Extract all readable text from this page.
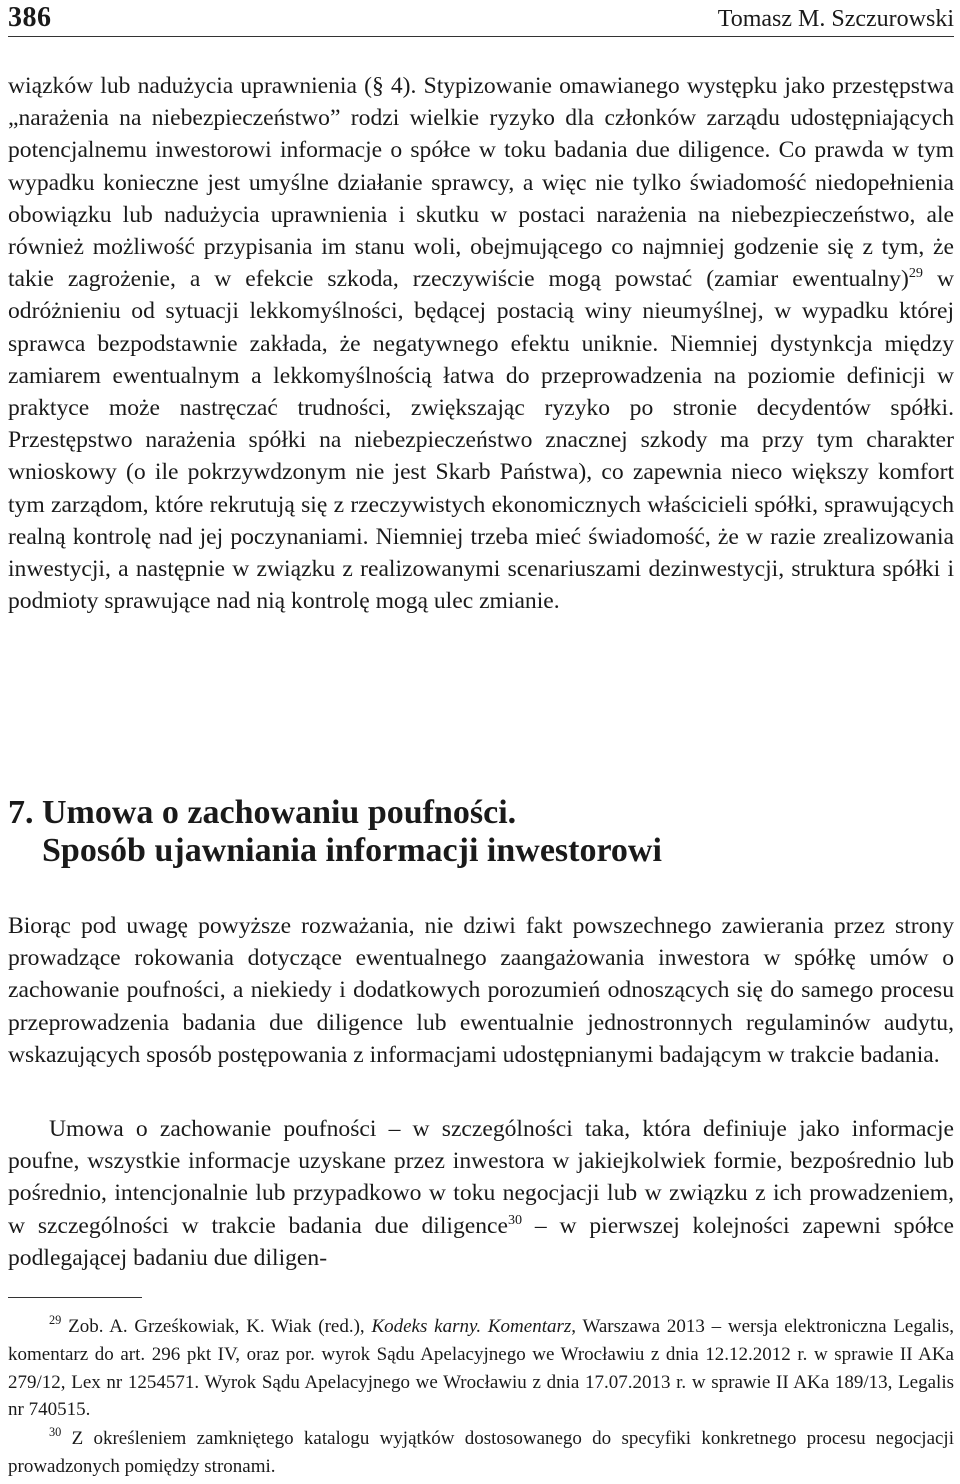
386	Tomasz M. Szczurowski

wiązków lub nadużycia uprawnienia (§ 4). Stypizowanie omawianego występku jako przestępstwa „narażenia na niebezpieczeństwo” rodzi wielkie ryzyko dla członków zarządu udostępniających potencjalnemu inwestorowi informacje o spółce w toku badania due diligence. Co prawda w tym wypadku konieczne jest umyślne działanie sprawcy, a więc nie tylko świadomość niedopełnienia obowiązku lub nadużycia uprawnienia i skutku w postaci narażenia na niebezpieczeństwo, ale również możliwość przypisania im stanu woli, obejmującego co najmniej godzenie się z tym, że takie zagrożenie, a w efekcie szkoda, rzeczywiście mogą powstać (zamiar ewentualny)$^{29}$ w odróżnieniu od sytuacji lekkomyślności, będącej postacią winy nieumyślnej, w wypadku której sprawca bezpodstawnie zakłada, że negatywnego efektu uniknie. Niemniej dystynkcja między zamiarem ewentualnym a lekkomyślnością łatwa do przeprowadzenia na poziomie definicji w praktyce może nastręczać trudności, zwiększając ryzyko po stronie decydentów spółki. Przestępstwo narażenia spółki na niebezpieczeństwo znacznej szkody ma przy tym charakter wnioskowy (o ile pokrzywdzonym nie jest Skarb Państwa), co zapewnia nieco większy komfort tym zarządom, które rekrutują się z rzeczywistych ekonomicznych właścicieli spółki, sprawujących realną kontrolę nad jej poczynaniami. Niemniej trzeba mieć świadomość, że w razie zrealizowania inwestycji, a następnie w związku z realizowanymi scenariuszami dezinwestycji, struktura spółki i podmioty sprawujące nad nią kontrolę mogą ulec zmianie.

7. Umowa o zachowaniu poufności.
Sposób ujawniania informacji inwestorowi

Biorąc pod uwagę powyższe rozważania, nie dziwi fakt powszechnego zawierania przez strony prowadzące rokowania dotyczące ewentualnego zaangażowania inwestora w spółkę umów o zachowanie poufności, a niekiedy i dodatkowych porozumień odnoszących się do samego procesu przeprowadzenia badania due diligence lub ewentualnie jednostronnych regulaminów audytu, wskazujących sposób postępowania z informacjami udostępnianymi badającym w trakcie badania.

Umowa o zachowanie poufności – w szczególności taka, która definiuje jako informacje poufne, wszystkie informacje uzyskane przez inwestora w jakiejkolwiek formie, bezpośrednio lub pośrednio, intencjonalnie lub przypadkowo w toku negocjacji lub w związku z ich prowadzeniem, w szczególności w trakcie badania due diligence$^{30}$ – w pierwszej kolejności zapewni spółce podlegającej badaniu due diligen-

$^{29}$ Zob. A. Grześkowiak, K. Wiak (red.), Kodeks karny. Komentarz, Warszawa 2013 – wersja elektroniczna Legalis, komentarz do art. 296 pkt IV, oraz por. wyrok Sądu Apelacyjnego we Wrocławiu z dnia 12.12.2012 r. w sprawie II AKa 279/12, Lex nr 1254571. Wyrok Sądu Apelacyjnego we Wrocławiu z dnia 17.07.2013 r. w sprawie II AKa 189/13, Legalis nr 740515.

$^{30}$ Z określeniem zamkniętego katalogu wyjątków dostosowanego do specyfiki konkretnego procesu negocjacji prowadzonych pomiędzy stronami.
